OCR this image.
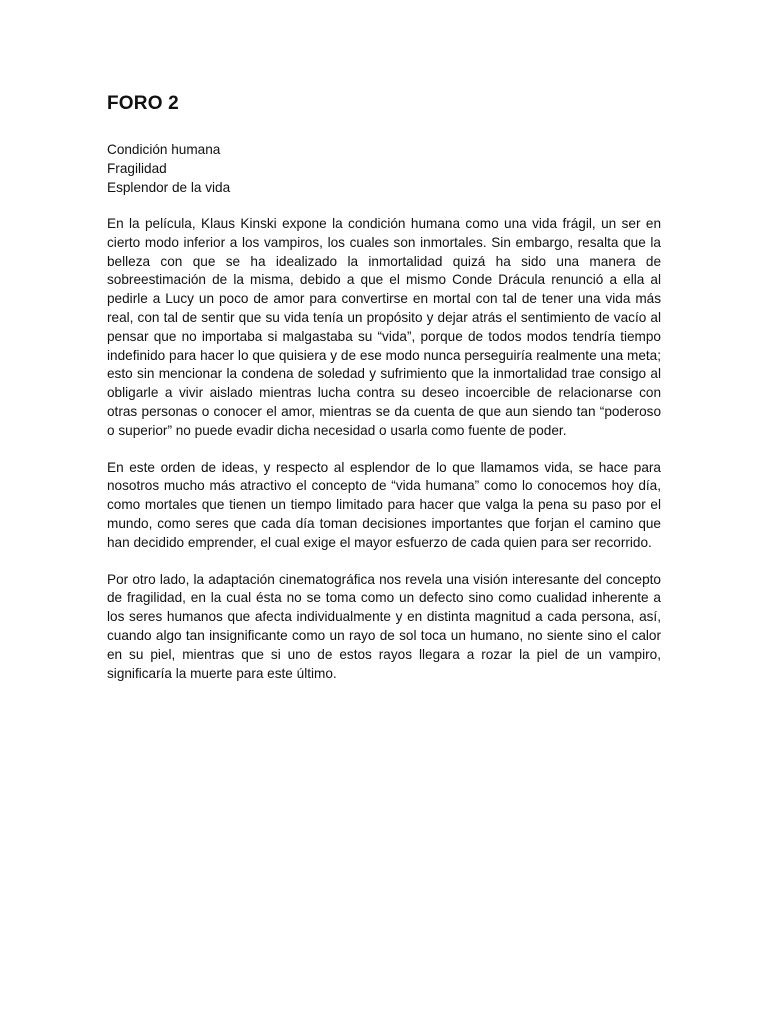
FORO 2

Condición humana

Fragilidad

Esplendor de la vida

En la película, Klaus Kinski expone la condición humana como una vida frágil, un ser en cierto modo inferior a los vampiros, los cuales son inmortales. Sin embargo, resalta que la belleza con que se ha idealizado la inmortalidad quizá ha sido una manera de sobreestimación de la misma, debido a que el mismo Conde Drácula renunció a ella al pedirle a Lucy un poco de amor para convertirse en mortal con tal de tener una vida más real, con tal de sentir que su vida tenía un propósito y dejar atrás el sentimiento de vacío al pensar que no importaba si malgastaba su “vida”, porque de todos modos tendría tiempo indefinido para hacer lo que quisiera y de ese modo nunca perseguiría realmente una meta; esto sin mencionar la condena de soledad y sufrimiento que la inmortalidad trae consigo al obligarle a vivir aislado mientras lucha contra su deseo incoercible de relacionarse con otras personas o conocer el amor, mientras se da cuenta de que aun siendo tan “poderoso o superior” no puede evadir dicha necesidad o usarla como fuente de poder.

En este orden de ideas, y respecto al esplendor de lo que llamamos vida, se hace para nosotros mucho más atractivo el concepto de “vida humana” como lo conocemos hoy día, como mortales que tienen un tiempo limitado para hacer que valga la pena su paso por el mundo, como seres que cada día toman decisiones importantes que forjan el camino que han decidido emprender, el cual exige el mayor esfuerzo de cada quien para ser recorrido.

Por otro lado, la adaptación cinematográfica nos revela una visión interesante del concepto de fragilidad, en la cual ésta no se toma como un defecto sino como cualidad inherente a los seres humanos que afecta individualmente y en distinta magnitud a cada persona, así, cuando algo tan insignificante como un rayo de sol toca un humano, no siente sino el calor en su piel, mientras que si uno de estos rayos llegara a rozar la piel de un vampiro, significaría la muerte para este último.
